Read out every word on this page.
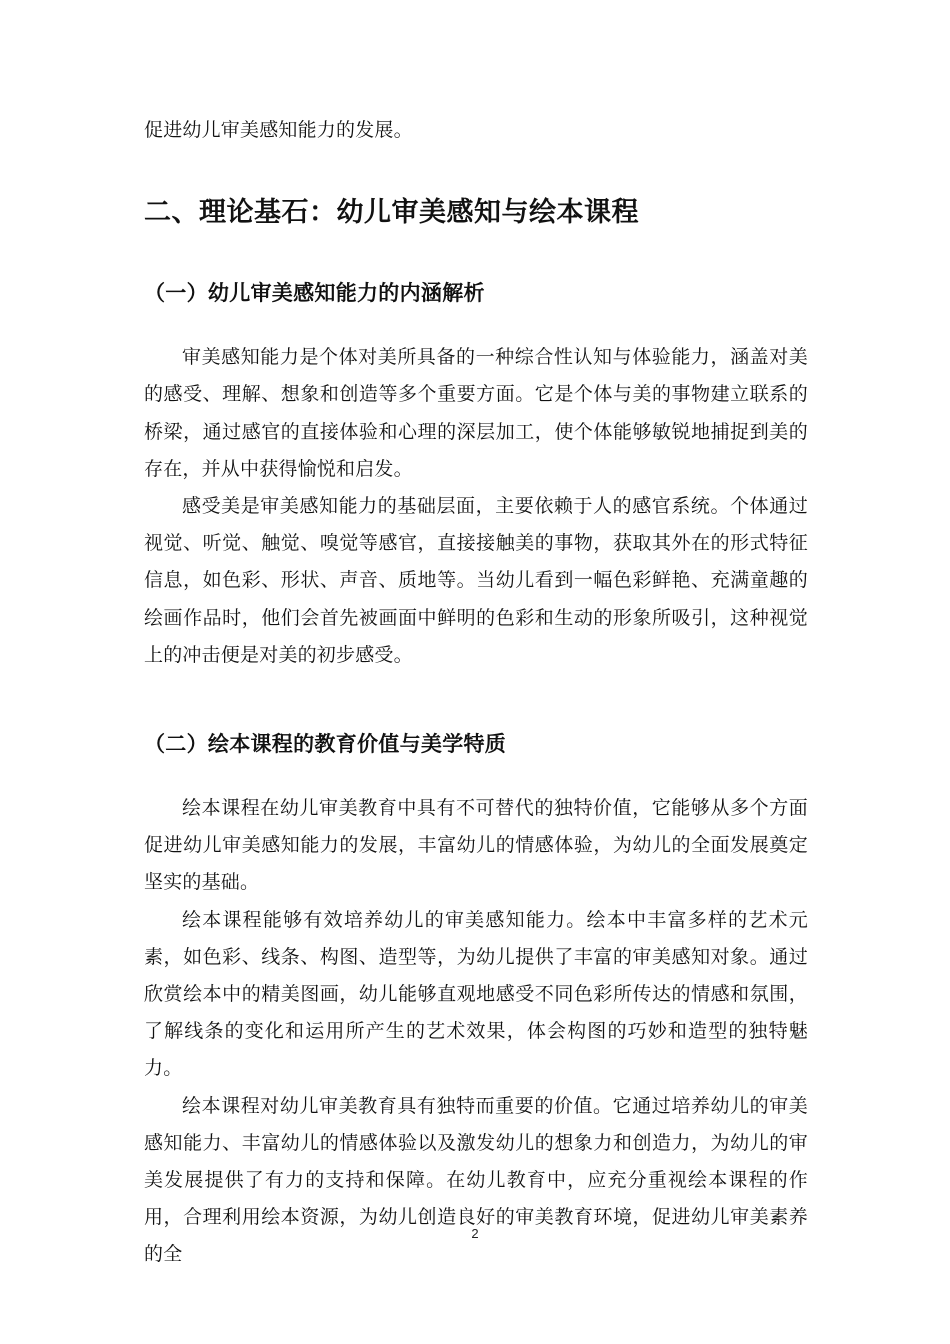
促进幼儿审美感知能力的发展。

二、理论基石：幼儿审美感知与绘本课程
（一）幼儿审美感知能力的内涵解析

审美感知能力是个体对美所具备的一种综合性认知与体验能力，涵盖对美的感受、理解、想象和创造等多个重要方面。它是个体与美的事物建立联系的桥梁，通过感官的直接体验和心理的深层加工，使个体能够敏锐地捕捉到美的存在，并从中获得愉悦和启发。

感受美是审美感知能力的基础层面，主要依赖于人的感官系统。个体通过视觉、听觉、触觉、嗅觉等感官，直接接触美的事物，获取其外在的形式特征信息，如色彩、形状、声音、质地等。当幼儿看到一幅色彩鲜艳、充满童趣的绘画作品时，他们会首先被画面中鲜明的色彩和生动的形象所吸引，这种视觉上的冲击便是对美的初步感受。

（二）绘本课程的教育价值与美学特质

绘本课程在幼儿审美教育中具有不可替代的独特价值，它能够从多个方面促进幼儿审美感知能力的发展，丰富幼儿的情感体验，为幼儿的全面发展奠定坚实的基础。

绘本课程能够有效培养幼儿的审美感知能力。绘本中丰富多样的艺术元素，如色彩、线条、构图、造型等，为幼儿提供了丰富的审美感知对象。通过欣赏绘本中的精美图画，幼儿能够直观地感受不同色彩所传达的情感和氛围，了解线条的变化和运用所产生的艺术效果，体会构图的巧妙和造型的独特魅力。

绘本课程对幼儿审美教育具有独特而重要的价值。它通过培养幼儿的审美感知能力、丰富幼儿的情感体验以及激发幼儿的想象力和创造力，为幼儿的审美发展提供了有力的支持和保障。在幼儿教育中，应充分重视绘本课程的作用，合理利用绘本资源，为幼儿创造良好的审美教育环境，促进幼儿审美素养的全

2
